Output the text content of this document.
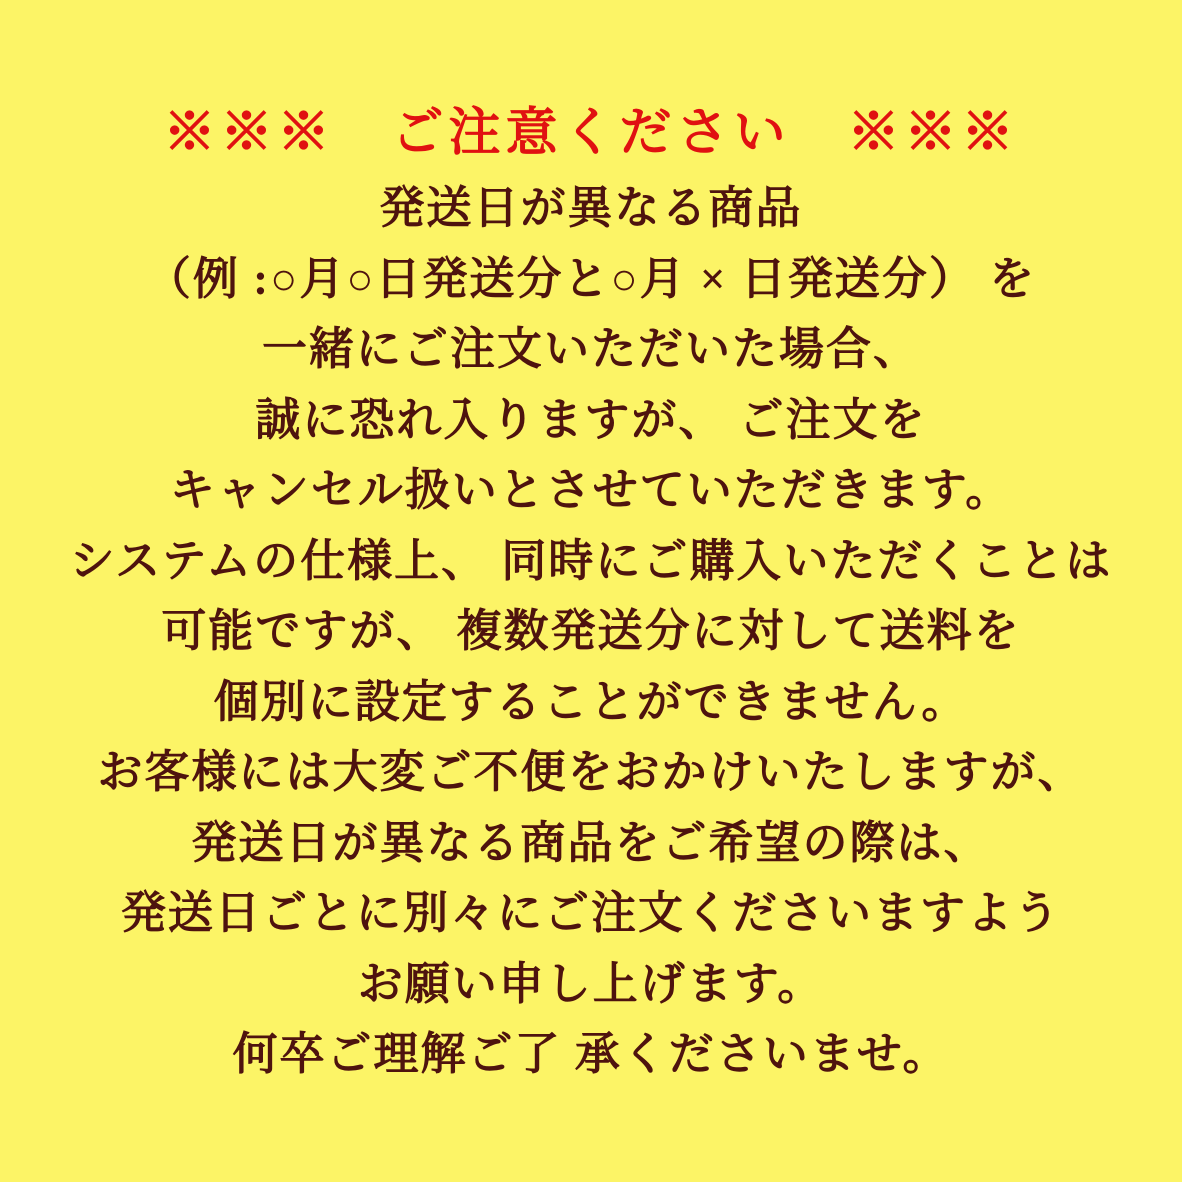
※※※　ご注意ください　※※※
発送日が異なる商品
（例 :○月○日発送分と○月 × 日発送分） を
一緒にご注文いただいた場合、
誠に恐れ入りますが、 ご注文を
キャンセル扱いとさせていただきます。
システムの仕様上、 同時にご購入いただくことは
可能ですが、 複数発送分に対して送料を
個別に設定することができません。
お客様には大変ご不便をおかけいたしますが、
発送日が異なる商品をご希望の際は、
発送日ごとに別々にご注文くださいますよう
お願い申し上げます。
何卒ご理解ご了 承くださいませ。
